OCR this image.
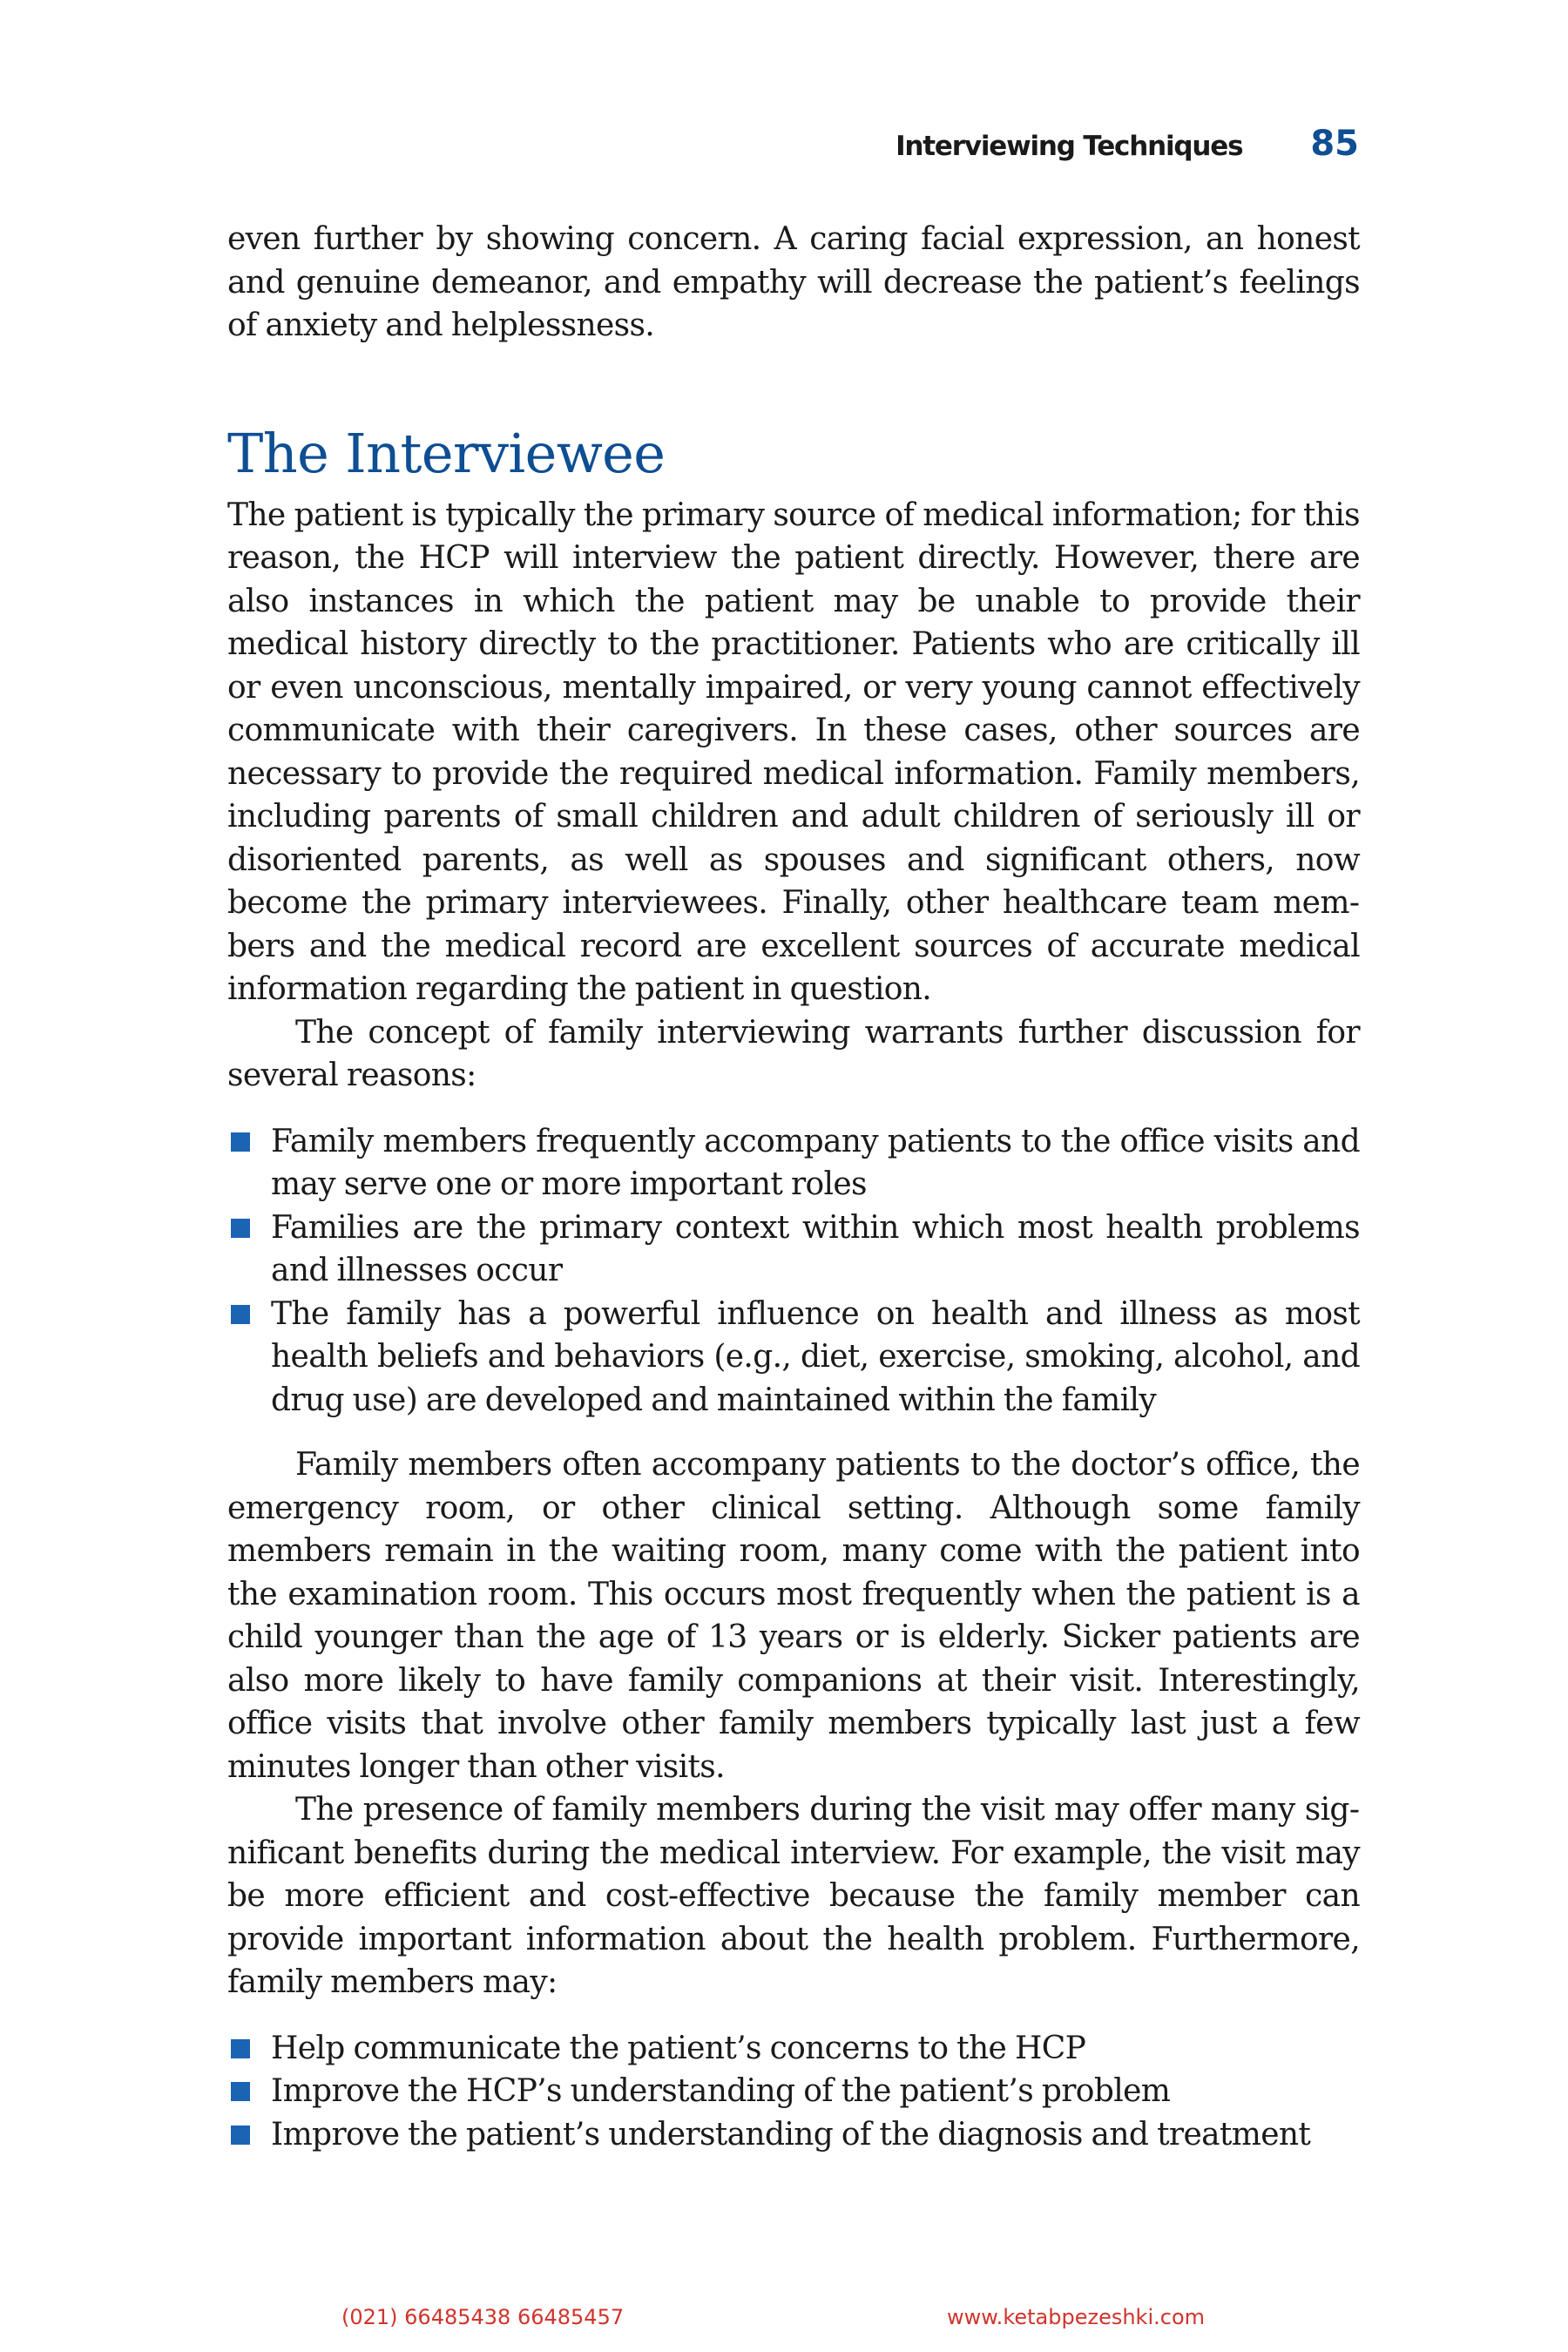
Interviewing Techniques 85

even further by showing concern. A caring facial expression, an honest and genuine demeanor, and empathy will decrease the patient’s feelings of anxiety and helplessness.

The Interviewee

The patient is typically the primary source of medical information; for this reason, the HCP will interview the patient directly. However, there are also instances in which the patient may be unable to provide their medical history directly to the practitioner. Patients who are critically ill or even unconscious, mentally impaired, or very young cannot effectively communicate with their caregivers. In these cases, other sources are necessary to provide the required medical information. Family members, including parents of small children and adult children of seriously ill or disoriented parents, as well as spouses and significant others, now become the primary interviewees. Finally, other healthcare team members and the medical record are excellent sources of accurate medical information regarding the patient in question.

The concept of family interviewing warrants further discussion for several reasons:

Family members frequently accompany patients to the office visits and may serve one or more important roles
Families are the primary context within which most health problems and illnesses occur
The family has a powerful influence on health and illness as most health beliefs and behaviors (e.g., diet, exercise, smoking, alcohol, and drug use) are developed and maintained within the family

Family members often accompany patients to the doctor’s office, the emergency room, or other clinical setting. Although some family members remain in the waiting room, many come with the patient into the examination room. This occurs most frequently when the patient is a child younger than the age of 13 years or is elderly. Sicker patients are also more likely to have family companions at their visit. Interestingly, office visits that involve other family members typically last just a few minutes longer than other visits.

The presence of family members during the visit may offer many significant benefits during the medical interview. For example, the visit may be more efficient and cost-effective because the family member can provide important information about the health problem. Furthermore, family members may:

Help communicate the patient’s concerns to the HCP
Improve the HCP’s understanding of the patient’s problem
Improve the patient’s understanding of the diagnosis and treatment
(021) 66485438 66485457	www.ketabpezeshki.com
